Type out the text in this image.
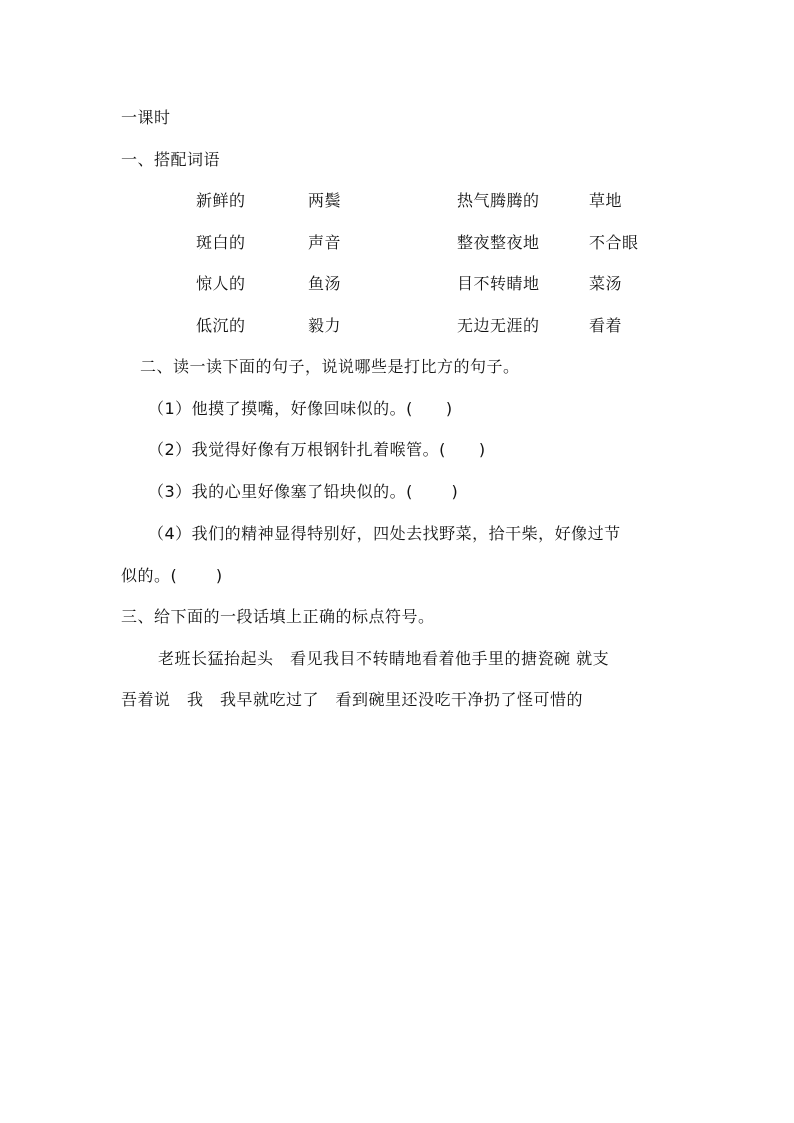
一课时
一、搭配词语
新鲜的	两鬓	热气腾腾的	草地
斑白的	声音	整夜整夜地	不合眼
惊人的	鱼汤	目不转睛地	菜汤
低沉的	毅力	无边无涯的	看着
二、读一读下面的句子，说说哪些是打比方的句子。
（1）他摸了摸嘴，好像回味似的。(  )
（2）我觉得好像有万根钢针扎着喉管。(  )
（3）我的心里好像塞了铅块似的。(   )
（4）我们的精神显得特别好，四处去找野菜，拾干柴，好像过节
似的。(   )
三、给下面的一段话填上正确的标点符号。
老班长猛抬起头 看见我目不转睛地看着他手里的搪瓷碗 就支
吾着说 我 我早就吃过了 看到碗里还没吃干净扔了怪可惜的
